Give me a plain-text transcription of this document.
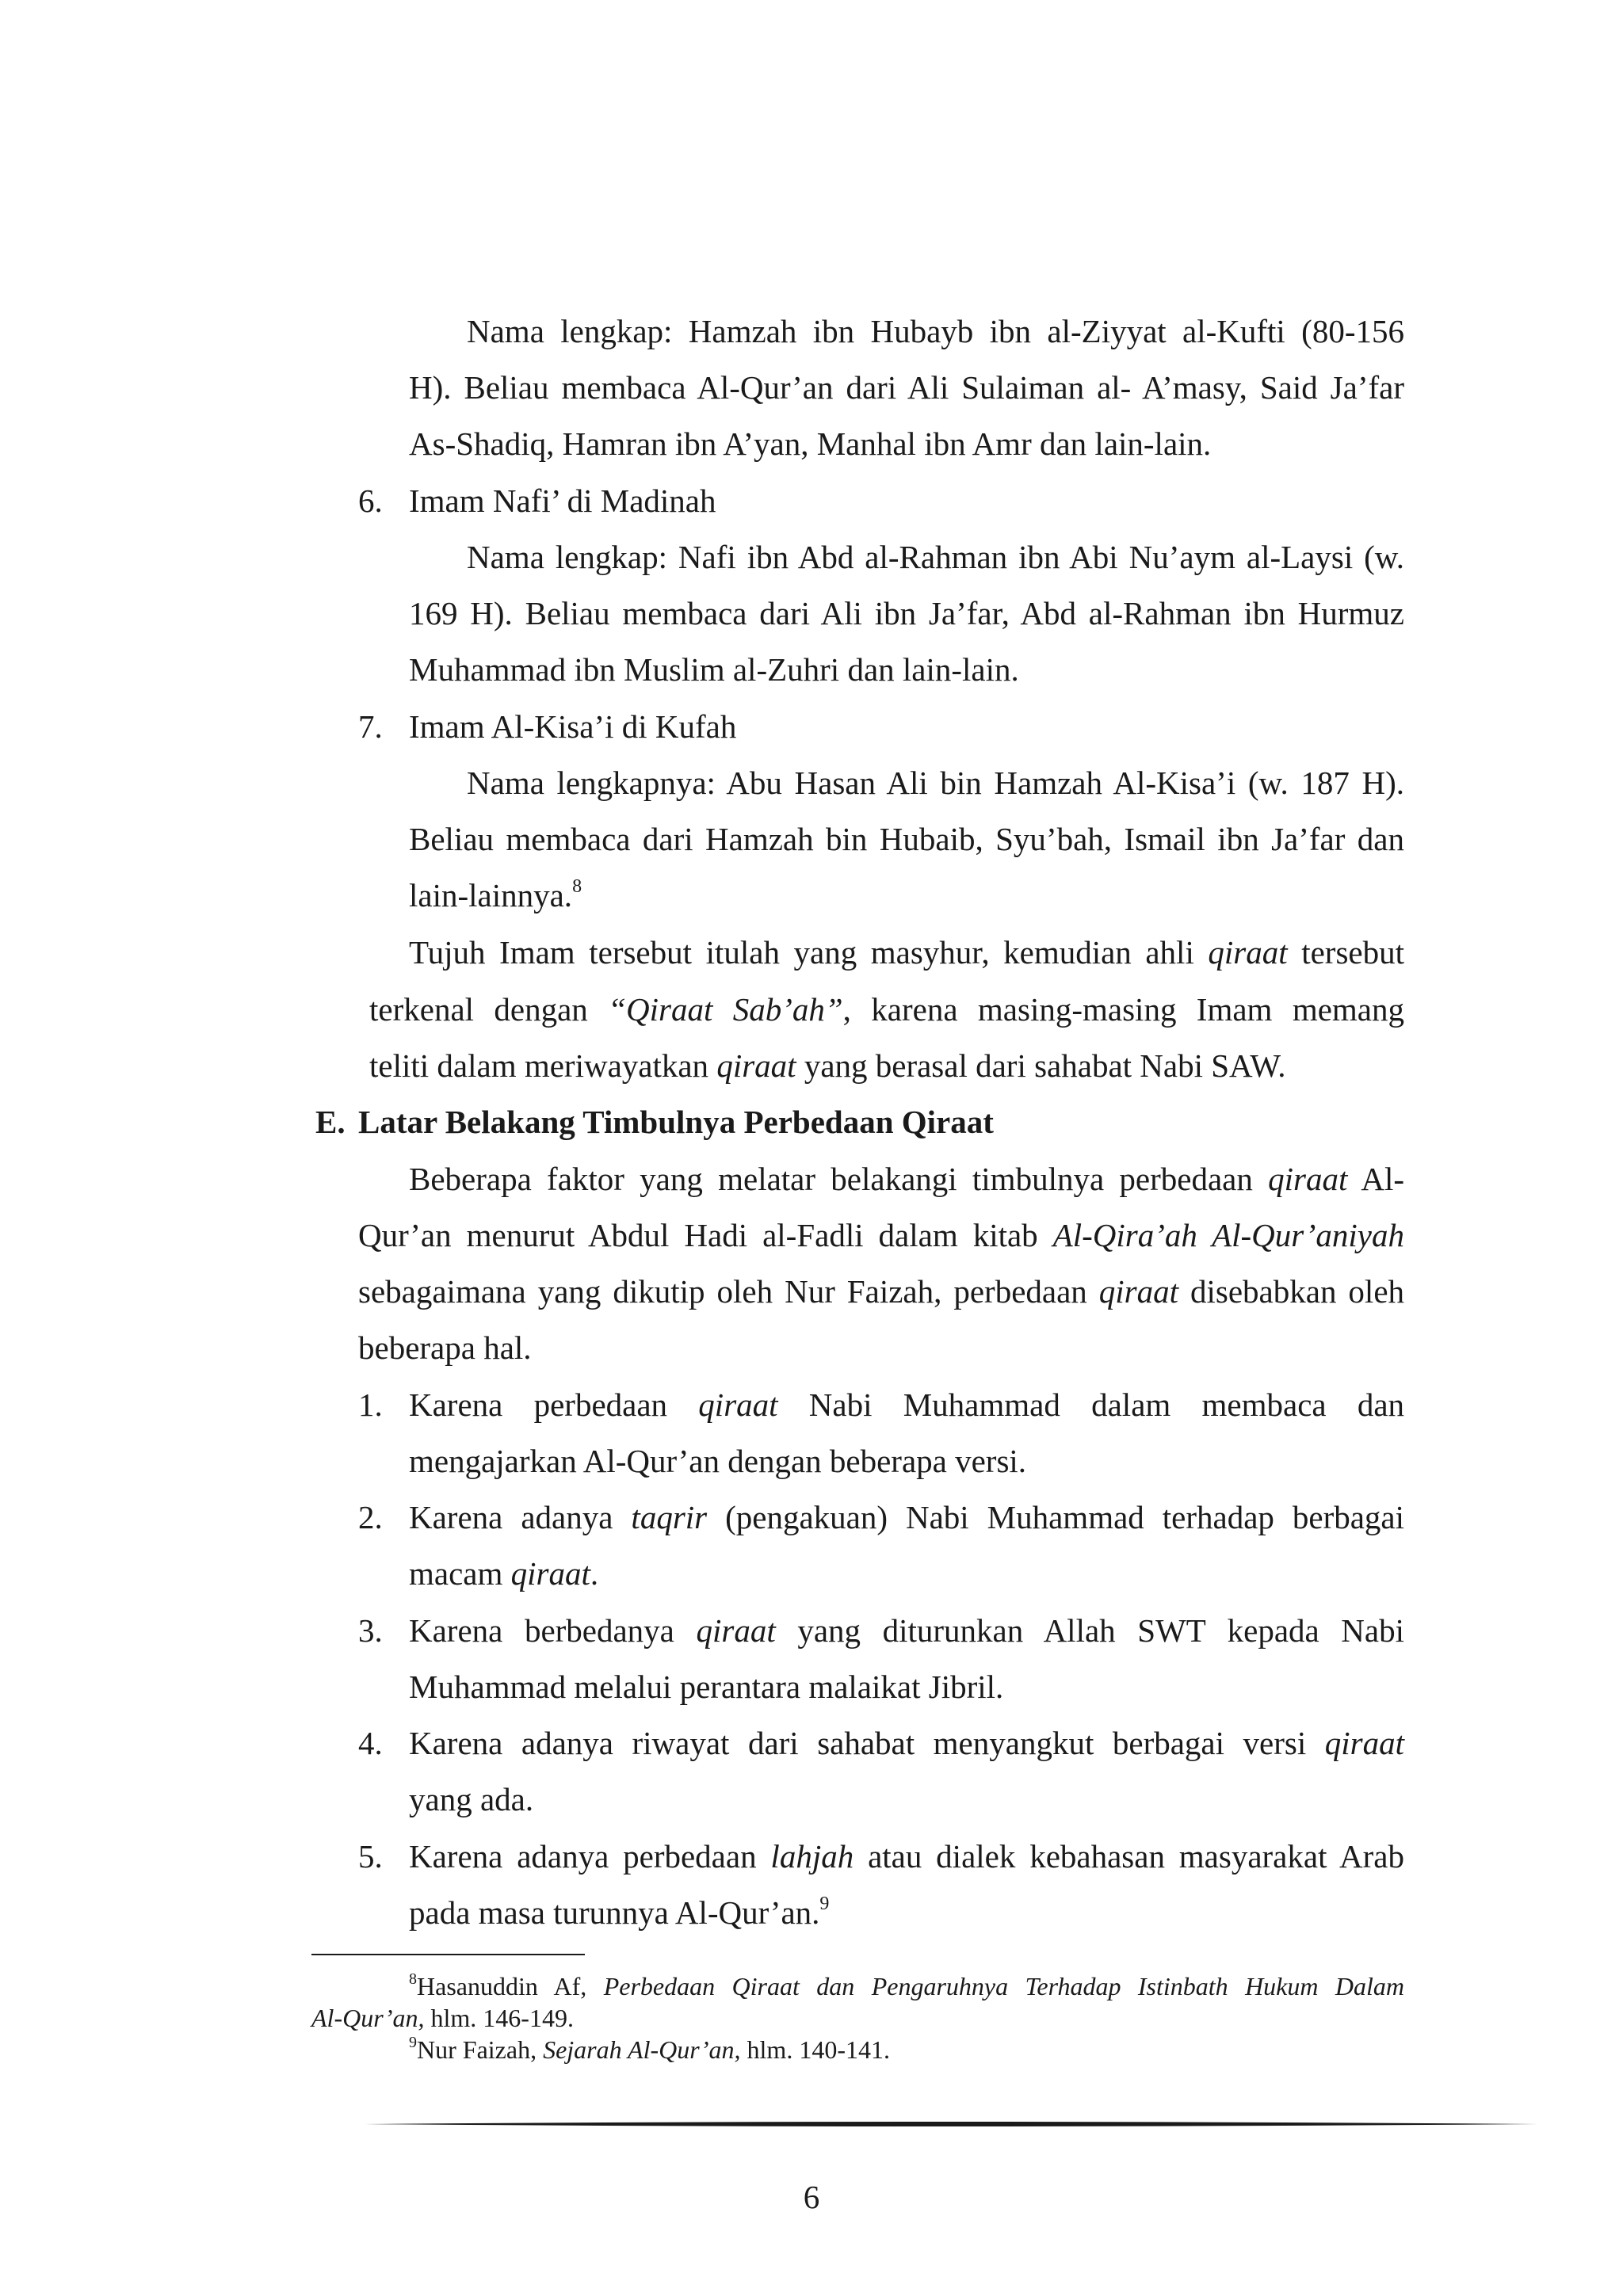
Nama lengkap: Hamzah ibn Hubayb ibn al-Ziyyat al-Kufti (80-156
H). Beliau membaca Al-Qur’an dari Ali Sulaiman al- A’masy, Said Ja’far
As-Shadiq, Hamran ibn A’yan, Manhal ibn Amr dan lain-lain.
6. Imam Nafi’ di Madinah
Nama lengkap: Nafi ibn Abd al-Rahman ibn Abi Nu’aym al-Laysi (w.
169 H). Beliau membaca dari Ali ibn Ja’far, Abd al-Rahman ibn Hurmuz
Muhammad ibn Muslim al-Zuhri dan lain-lain.
7. Imam Al-Kisa’i di Kufah
Nama lengkapnya: Abu Hasan Ali bin Hamzah Al-Kisa’i (w. 187 H).
Beliau membaca dari Hamzah bin Hubaib, Syu’bah, Ismail ibn Ja’far dan
lain-lainnya.$^8$
Tujuh Imam tersebut itulah yang masyhur, kemudian ahli qiraat tersebut
terkenal dengan “Qiraat Sab’ah”, karena masing-masing Imam memang
teliti dalam meriwayatkan qiraat yang berasal dari sahabat Nabi SAW.
E. Latar Belakang Timbulnya Perbedaan Qiraat
Beberapa faktor yang melatar belakangi timbulnya perbedaan qiraat Al-
Qur’an menurut Abdul Hadi al-Fadli dalam kitab Al-Qira’ah Al-Qur’aniyah
sebagaimana yang dikutip oleh Nur Faizah, perbedaan qiraat disebabkan oleh
beberapa hal.
1. Karena perbedaan qiraat Nabi Muhammad dalam membaca dan
mengajarkan Al-Qur’an dengan beberapa versi.
2. Karena adanya taqrir (pengakuan) Nabi Muhammad terhadap berbagai
macam qiraat.
3. Karena berbedanya qiraat yang diturunkan Allah SWT kepada Nabi
Muhammad melalui perantara malaikat Jibril.
4. Karena adanya riwayat dari sahabat menyangkut berbagai versi qiraat
yang ada.
5. Karena adanya perbedaan lahjah atau dialek kebahasan masyarakat Arab
pada masa turunnya Al-Qur’an.$^9$
$^8$Hasanuddin Af, Perbedaan Qiraat dan Pengaruhnya Terhadap Istinbath Hukum Dalam
Al-Qur’an, hlm. 146-149.
$^9$Nur Faizah, Sejarah Al-Qur’an, hlm. 140-141.
6
